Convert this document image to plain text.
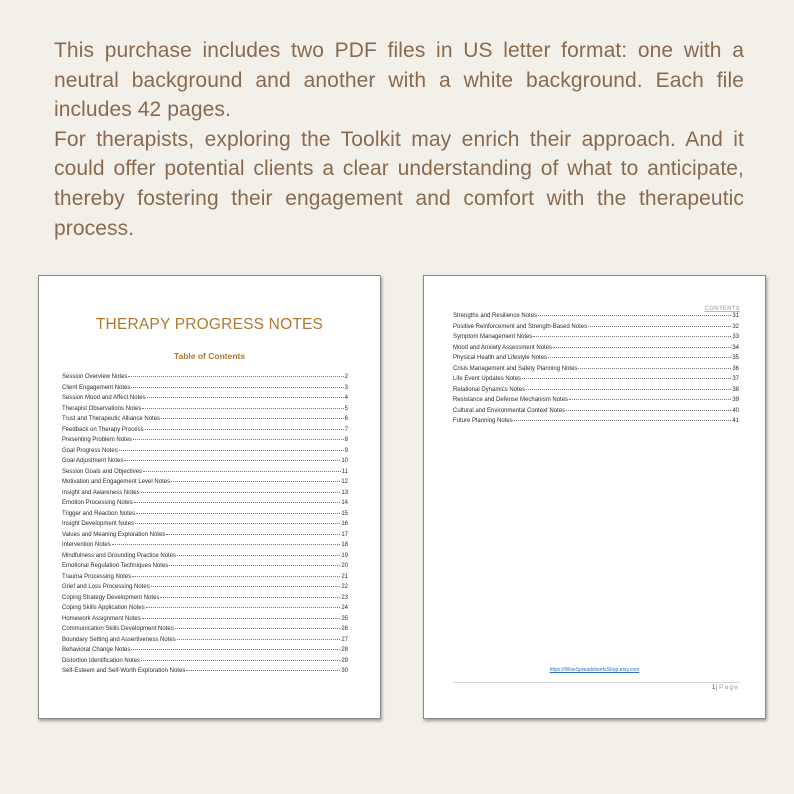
This purchase includes two PDF files in US letter format: one with a neutral background and another with a white background. Each file includes 42 pages.

For therapists, exploring the Toolkit may enrich their approach. And it could offer potential clients a clear understanding of what to anticipate, thereby fostering their engagement and comfort with the therapeutic process.

THERAPY PROGRESS NOTES
Table of Contents
Session Overview Notes	2
Client Engagement Notes	3
Session Mood and Affect Notes	4
Therapist Observations Notes	5
Trust and Therapeutic Alliance Notes	6
Feedback on Therapy Process	7
Presenting Problem Notes	8
Goal Progress Notes	9
Goal Adjustment Notes	10
Session Goals and Objectives	11
Motivation and Engagement Level Notes	12
Insight and Awareness Notes	13
Emotion Processing Notes	14
Trigger and Reaction Notes	15
Insight Development Notes	16
Values and Meaning Exploration Notes	17
Intervention Notes	18
Mindfulness and Grounding Practice Notes	19
Emotional Regulation Techniques Notes	20
Trauma Processing Notes	21
Grief and Loss Processing Notes	22
Coping Strategy Development Notes	23
Coping Skills Application Notes	24
Homework Assignment Notes	25
Communication Skills Development Notes	26
Boundary Setting and Assertiveness Notes	27
Behavioral Change Notes	28
Distortion Identification Notes	29
Self-Esteem and Self-Worth Exploration Notes	30
CONTENTS
Strengths and Resilience Notes	31
Positive Reinforcement and Strength-Based Notes	32
Symptom Management Notes	33
Mood and Anxiety Assessment Notes	34
Physical Health and Lifestyle Notes	35
Crisis Management and Safety Planning Notes	36
Life Event Updates Notes	37
Relational Dynamics Notes	38
Resistance and Defense Mechanism Notes	39
Cultural and Environmental Context Notes	40
Future Planning Notes	41
https://WiseSpreadsheetsShop.etsy.com
1| Page
